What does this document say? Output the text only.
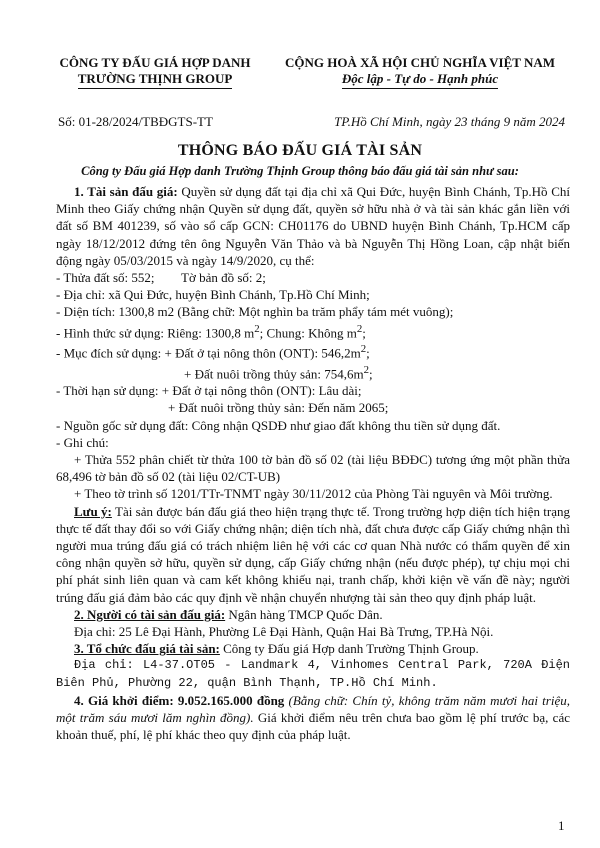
CÔNG TY ĐẤU GIÁ HỢP DANH
TRƯỜNG THỊNH GROUP
CỘNG HOÀ XÃ HỘI CHỦ NGHĨA VIỆT NAM
Độc lập - Tự do - Hạnh phúc
Số: 01-28/2024/TBĐGTS-TT	TP.Hồ Chí Minh, ngày 23 tháng 9 năm 2024
THÔNG BÁO ĐẤU GIÁ TÀI SẢN
Công ty Đấu giá Hợp danh Trường Thịnh Group thông báo đấu giá tài sản như sau:

1. Tài sản đấu giá: Quyền sử dụng đất tại địa chỉ xã Qui Đức, huyện Bình Chánh, Tp.Hồ Chí Minh theo Giấy chứng nhận Quyền sử dụng đất, quyền sở hữu nhà ở và tài sản khác gắn liền với đất số BM 401239, số vào sổ cấp GCN: CH01176 do UBND huyện Bình Chánh, Tp.HCM cấp ngày 18/12/2012 đứng tên ông Nguyễn Văn Thảo và bà Nguyễn Thị Hồng Loan, cập nhật biến động ngày 05/03/2015 và ngày 14/9/2020, cụ thể:

- Thửa đất số: 552; Tờ bản đồ số: 2;

- Địa chỉ: xã Qui Đức, huyện Bình Chánh, Tp.Hồ Chí Minh;

- Diện tích: 1300,8 m2 (Bằng chữ: Một nghìn ba trăm phẩy tám mét vuông);

- Hình thức sử dụng: Riêng: 1300,8 $m^2$; Chung: Không $m^2$;

- Mục đích sử dụng: + Đất ở tại nông thôn (ONT): $546,2m^2$;

+ Đất nuôi trồng thủy sản: $754,6m^2$;

- Thời hạn sử dụng: + Đất ở tại nông thôn (ONT): Lâu dài;

+ Đất nuôi trồng thủy sản: Đến năm 2065;

- Nguồn gốc sử dụng đất: Công nhận QSDĐ như giao đất không thu tiền sử dụng đất.

- Ghi chú:

+ Thửa 552 phân chiết từ thửa 100 tờ bản đồ số 02 (tài liệu BĐĐC) tương ứng một phần thửa 68,496 tờ bản đồ số 02 (tài liệu 02/CT-UB)

+ Theo tờ trình số 1201/TTr-TNMT ngày 30/11/2012 của Phòng Tài nguyên và Môi trường.

Lưu ý: Tài sản được bán đấu giá theo hiện trạng thực tế. Trong trường hợp diện tích hiện trạng thực tế đất thay đổi so với Giấy chứng nhận; diện tích nhà, đất chưa được cấp Giấy chứng nhận thì người mua trúng đấu giá có trách nhiệm liên hệ với các cơ quan Nhà nước có thẩm quyền để xin công nhận quyền sở hữu, quyền sử dụng, cấp Giấy chứng nhận (nếu được phép), tự chịu mọi chi phí phát sinh liên quan và cam kết không khiếu nại, tranh chấp, khởi kiện về vấn đề này; người trúng đấu giá đảm bảo các quy định về nhận chuyển nhượng tài sản theo quy định pháp luật.

2. Người có tài sản đấu giá: Ngân hàng TMCP Quốc Dân.

Địa chỉ: 25 Lê Đại Hành, Phường Lê Đại Hành, Quận Hai Bà Trưng, TP.Hà Nội.

3. Tổ chức đấu giá tài sản: Công ty Đấu giá Hợp danh Trường Thịnh Group.

Địa chỉ: L4-37.OT05 - Landmark 4, Vinhomes Central Park, 720A Điện Biên Phủ, Phường 22, quận Bình Thạnh, TP.Hồ Chí Minh.

4. Giá khởi điểm: 9.052.165.000 đồng (Bằng chữ: Chín tỷ, không trăm năm mươi hai triệu, một trăm sáu mươi lăm nghìn đồng). Giá khởi điểm nêu trên chưa bao gồm lệ phí trước bạ, các khoản thuế, phí, lệ phí khác theo quy định của pháp luật.

1
